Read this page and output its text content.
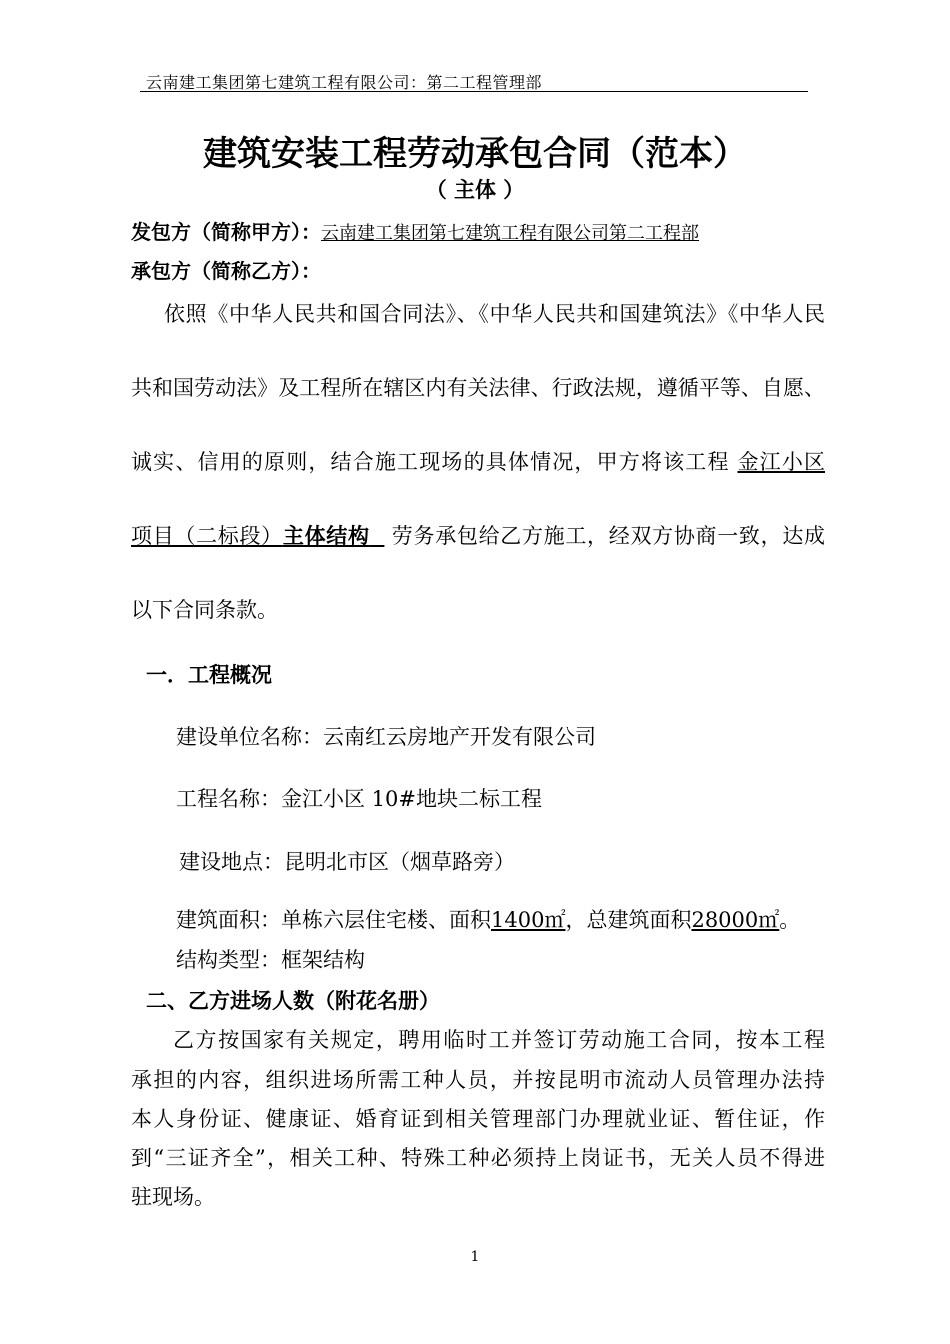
云南建工集团第七建筑工程有限公司：第二工程管理部
建筑安装工程劳动承包合同（范本）
（ 主体 ）
发包方（简称甲方）：云南建工集团第七建筑工程有限公司第二工程部
承包方（简称乙方）：
依照《中华人民共和国合同法》、《中华人民共和国建筑法》《中华人民
共和国劳动法》及工程所在辖区内有关法律、行政法规，遵循平等、自愿、
诚实、信用的原则，结合施工现场的具体情况，甲方将该工程 金江小区
项目（二标段）主体结构 劳务承包给乙方施工，经双方协商一致，达成
以下合同条款。
一．工程概况
建设单位名称：云南红云房地产开发有限公司
工程名称：金江小区 10#地块二标工程
建设地点：昆明北市区（烟草路旁）
建筑面积：单栋六层住宅楼、面积1400㎡，总建筑面积28000㎡。
结构类型：框架结构
二、乙方进场人数（附花名册）
乙方按国家有关规定，聘用临时工并签订劳动施工合同，按本工程
承担的内容，组织进场所需工种人员，并按昆明市流动人员管理办法持
本人身份证、健康证、婚育证到相关管理部门办理就业证、暂住证，作
到“三证齐全”，相关工种、特殊工种必须持上岗证书，无关人员不得进
驻现场。
1
